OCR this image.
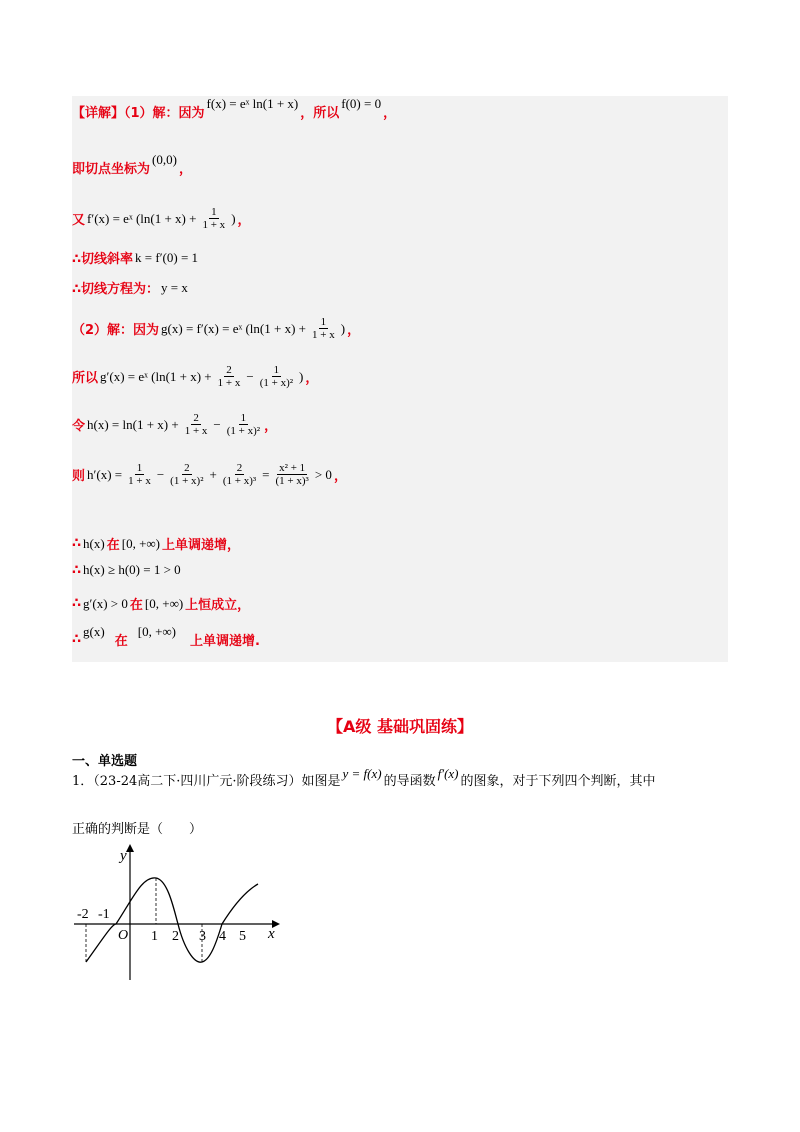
【详解】（1）解：因为
f(x) = eˣ ln(1 + x)
，所以
f(0) = 0
，
即切点坐标为
(0,0)
，
又 f′(x) = eˣ ($\ln(1 + x) + \frac{1}{1 + x}$ ) ，
∴切线斜率 k = f′(0) = 1
∴切线方程为： y = x
（2）解：因为 g(x) = f′(x) = eˣ ($\ln(1 + x) + \frac{1}{1 + x}$ ) ，
所以 g′(x) = eˣ ($\ln(1 + x) + \frac{2}{1 + x} - \frac{1}{\text{(1 + x)²}}$ ) ，
令 $h(x) = \ln(1 + x) + \frac{2}{1 + x} - \frac{1}{\text{(1 + x)²}}$ ，
则 $h'(x) = \frac{1}{1 + x} - \frac{2}{\text{(1 + x)²}} + \frac{2}{\text{(1 + x)³}} = \frac{\text{x² + 1}}{\text{(1 + x)³}} > 0$ ，
∴ h(x) 在 [0, +∞) 上单调递增，
∴ h(x) ≥ h(0) = 1 > 0
∴ g′(x) > 0 在 [0, +∞) 上恒成立，
∴
g(x)
在
[0, +∞)
上单调递增.
【A级 基础巩固练】
一、单选题
1．（23-24高二下·四川广元·阶段练习）如图是
y = f(x)
的导函数
f′(x)
的图象，对于下列四个判断，其中
正确的判断是（　　）
y
x
O
-2 -1
1 2 3 4 5
